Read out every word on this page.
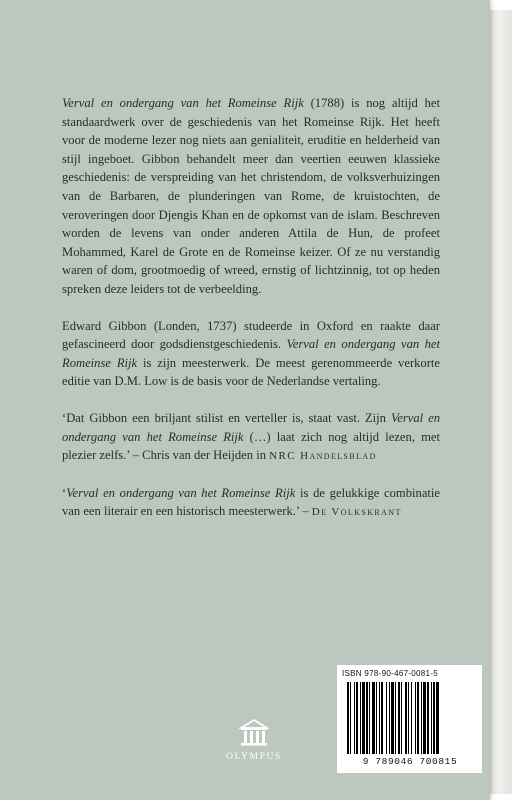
Verval en ondergang van het Romeinse Rijk (1788) is nog altijd het standaardwerk over de geschiedenis van het Romeinse Rijk. Het heeft voor de moderne lezer nog niets aan genialiteit, eruditie en helderheid van stijl ingeboet. Gibbon behandelt meer dan veertien eeuwen klassieke geschiedenis: de verspreiding van het christendom, de volksverhuizingen van de Barbaren, de plunderingen van Rome, de kruistochten, de veroveringen door Djengis Khan en de opkomst van de islam. Beschreven worden de levens van onder anderen Attila de Hun, de profeet Mohammed, Karel de Grote en de Romeinse keizer. Of ze nu verstandig waren of dom, grootmoedig of wreed, ernstig of lichtzinnig, tot op heden spreken deze leiders tot de verbeelding.

Edward Gibbon (Londen, 1737) studeerde in Oxford en raakte daar gefascineerd door godsdienstgeschiedenis. Verval en ondergang van het Romeinse Rijk is zijn meesterwerk. De meest gerenommeerde verkorte editie van D.M. Low is de basis voor de Nederlandse vertaling.

‘Dat Gibbon een briljant stilist en verteller is, staat vast. Zijn Verval en ondergang van het Romeinse Rijk (…) laat zich nog altijd lezen, met plezier zelfs.’ – Chris van der Heijden in NRC Handelsblad

‘Verval en ondergang van het Romeinse Rijk is de gelukkige combinatie van een literair en een historisch meesterwerk.’ – De Volkskrant

OLYMPUS
ISBN 978-90-467-0081-5
9 789046 700815
